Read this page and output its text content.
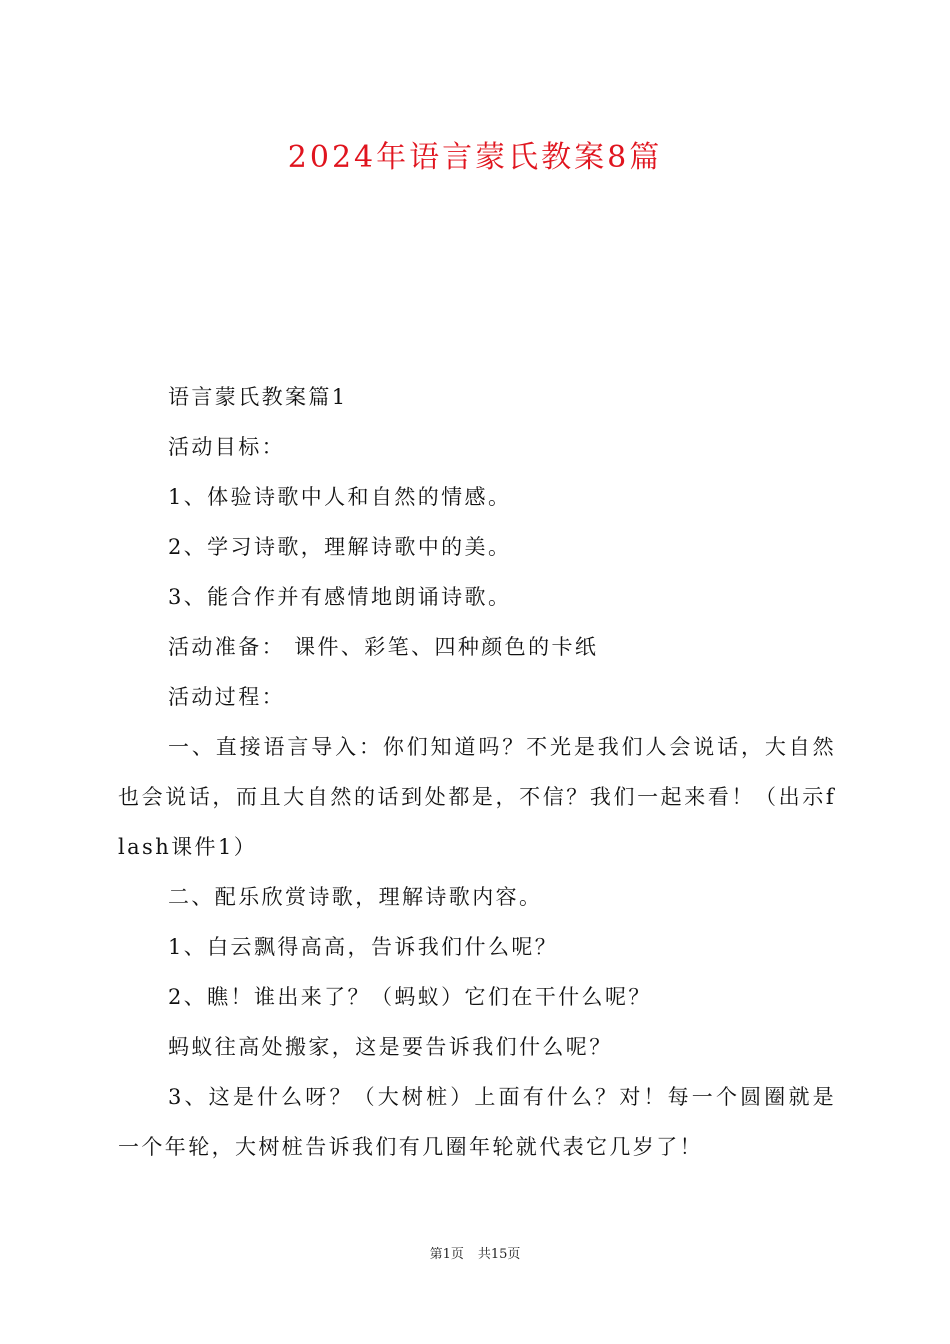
2024年语言蒙氏教案8篇

语言蒙氏教案篇1

活动目标：

1、体验诗歌中人和自然的情感。

2、学习诗歌，理解诗歌中的美。

3、能合作并有感情地朗诵诗歌。

活动准备： 课件、彩笔、四种颜色的卡纸

活动过程：

一、直接语言导入：你们知道吗？不光是我们人会说话，大自然也会说话，而且大自然的话到处都是，不信？我们一起来看！（出示flash课件1）

二、配乐欣赏诗歌，理解诗歌内容。

1、白云飘得高高，告诉我们什么呢？

2、瞧！谁出来了？（蚂蚁）它们在干什么呢？

蚂蚁往高处搬家，这是要告诉我们什么呢？

3、这是什么呀？（大树桩）上面有什么？对！每一个圆圈就是一个年轮，大树桩告诉我们有几圈年轮就代表它几岁了！

第1页 共15页
